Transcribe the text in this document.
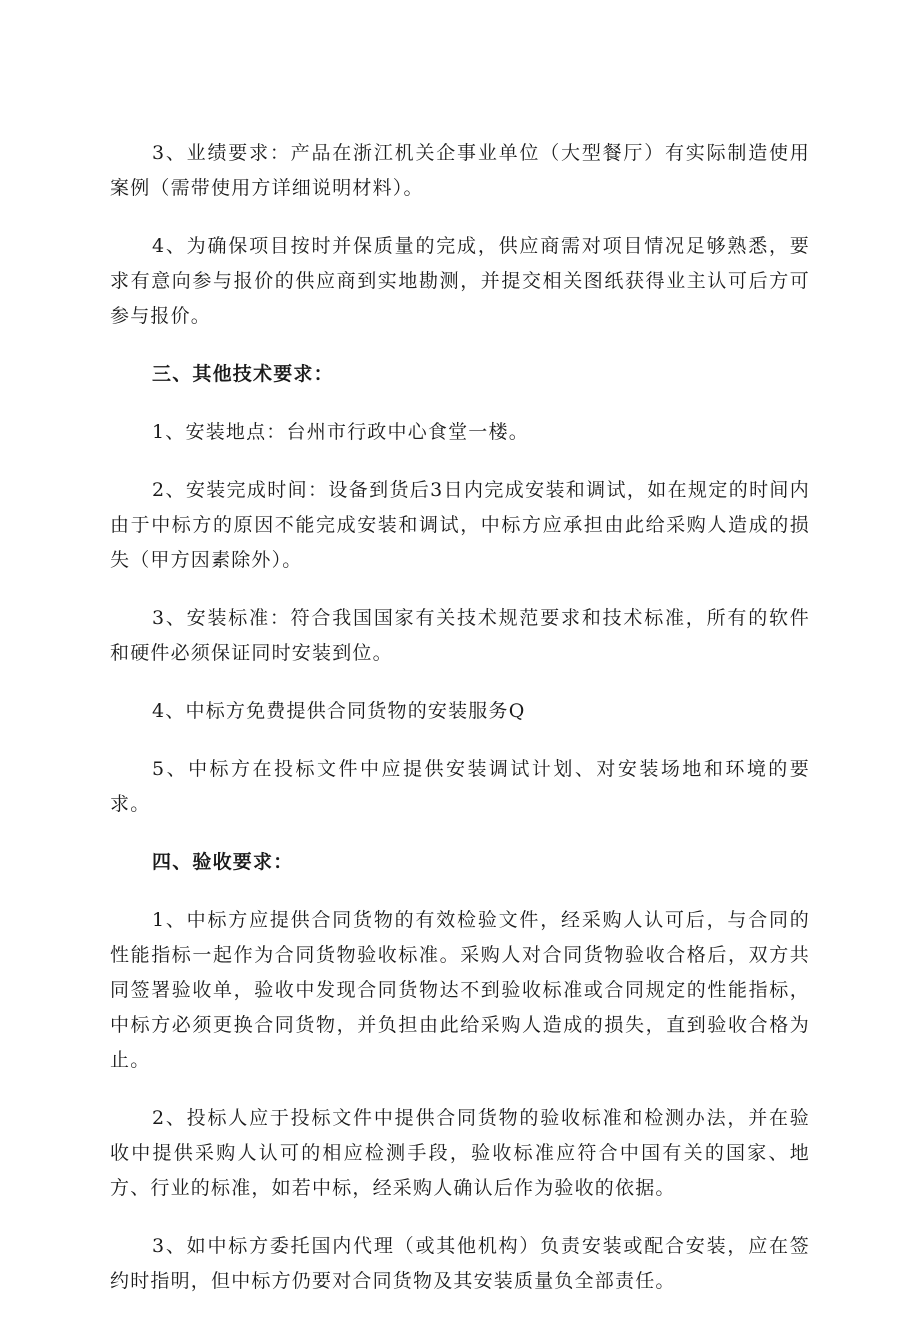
3、业绩要求：产品在浙江机关企事业单位（大型餐厅）有实际制造使用案例（需带使用方详细说明材料）。

4、为确保项目按时并保质量的完成，供应商需对项目情况足够熟悉，要求有意向参与报价的供应商到实地勘测，并提交相关图纸获得业主认可后方可参与报价。

三、其他技术要求：

1、安装地点：台州市行政中心食堂一楼。

2、安装完成时间：设备到货后3日内完成安装和调试，如在规定的时间内由于中标方的原因不能完成安装和调试，中标方应承担由此给采购人造成的损失（甲方因素除外）。

3、安装标准：符合我国国家有关技术规范要求和技术标准，所有的软件和硬件必须保证同时安装到位。

4、中标方免费提供合同货物的安装服务Q

5、中标方在投标文件中应提供安装调试计划、对安装场地和环境的要求。

四、验收要求：

1、中标方应提供合同货物的有效检验文件，经采购人认可后，与合同的性能指标一起作为合同货物验收标准。采购人对合同货物验收合格后，双方共同签署验收单，验收中发现合同货物达不到验收标准或合同规定的性能指标，中标方必须更换合同货物，并负担由此给采购人造成的损失，直到验收合格为止。

2、投标人应于投标文件中提供合同货物的验收标准和检测办法，并在验收中提供采购人认可的相应检测手段，验收标准应符合中国有关的国家、地方、行业的标准，如若中标，经采购人确认后作为验收的依据。

3、如中标方委托国内代理（或其他机构）负责安装或配合安装，应在签约时指明，但中标方仍要对合同货物及其安装质量负全部责任。
